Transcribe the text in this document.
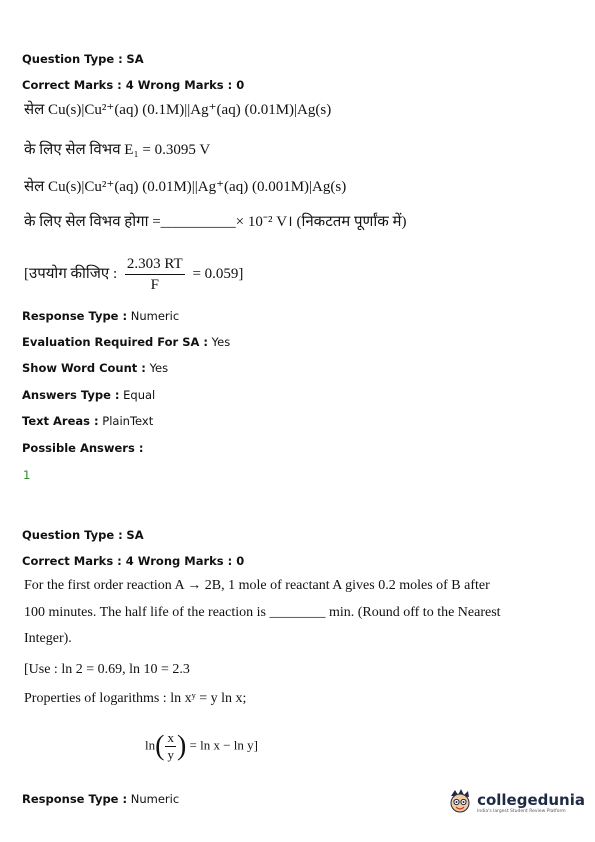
Question Type : SA
Correct Marks : 4 Wrong Marks : 0
सेल Cu(s)|Cu²⁺(aq) (0.1M)||Ag⁺(aq) (0.01M)|Ag(s)
के लिए सेल विभव E₁ = 0.3095 V
सेल Cu(s)|Cu²⁺(aq) (0.01M)||Ag⁺(aq) (0.001M)|Ag(s)
के लिए सेल विभव होगा =__________× 10⁻² V। (निकटतम पूर्णांक में)
[उपयोग कीजिए : $\frac{2.303 RT}{F} = 0.059$]
Response Type : Numeric
Evaluation Required For SA : Yes
Show Word Count : Yes
Answers Type : Equal
Text Areas : PlainText
Possible Answers :
1
Question Type : SA
Correct Marks : 4 Wrong Marks : 0
For the first order reaction A → 2B, 1 mole of reactant A gives 0.2 moles of B after
100 minutes. The half life of the reaction is ________ min. (Round off to the Nearest
Integer).
[Use : ln 2 = 0.69, ln 10 = 2.3
Properties of logarithms : ln xʸ = y ln x;
$\ln( \frac{x}{y}$ ) = ln x − ln y]
Response Type : Numeric	collegedunia
India's largest Student Review Platform
